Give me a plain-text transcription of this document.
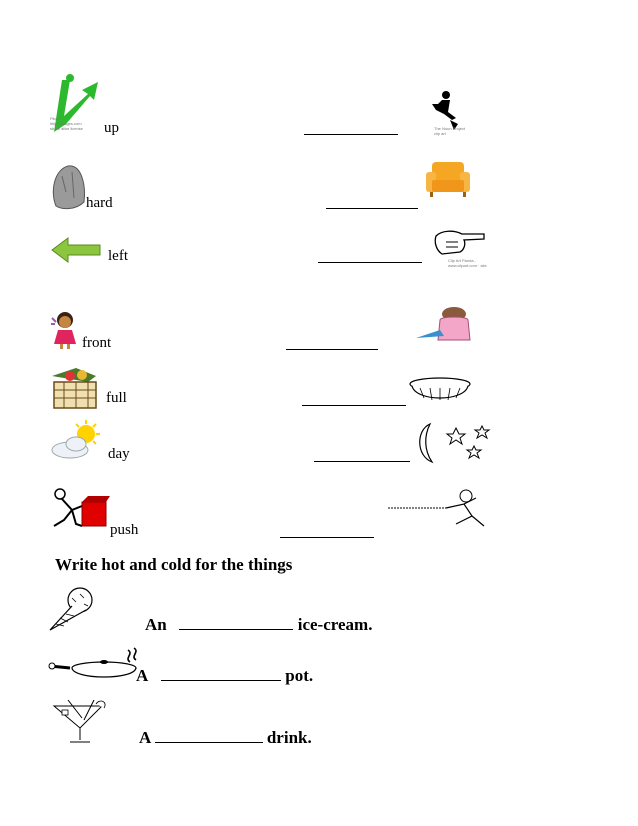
Flickr
http://images.com
share alike license	up	The Noun Project
clip art
hard
left	Clip Art Panda - www.clipart.com · site
front
full
day
push
Write hot and cold for the things
An	ice-cream.
A	pot.
A	drink.
